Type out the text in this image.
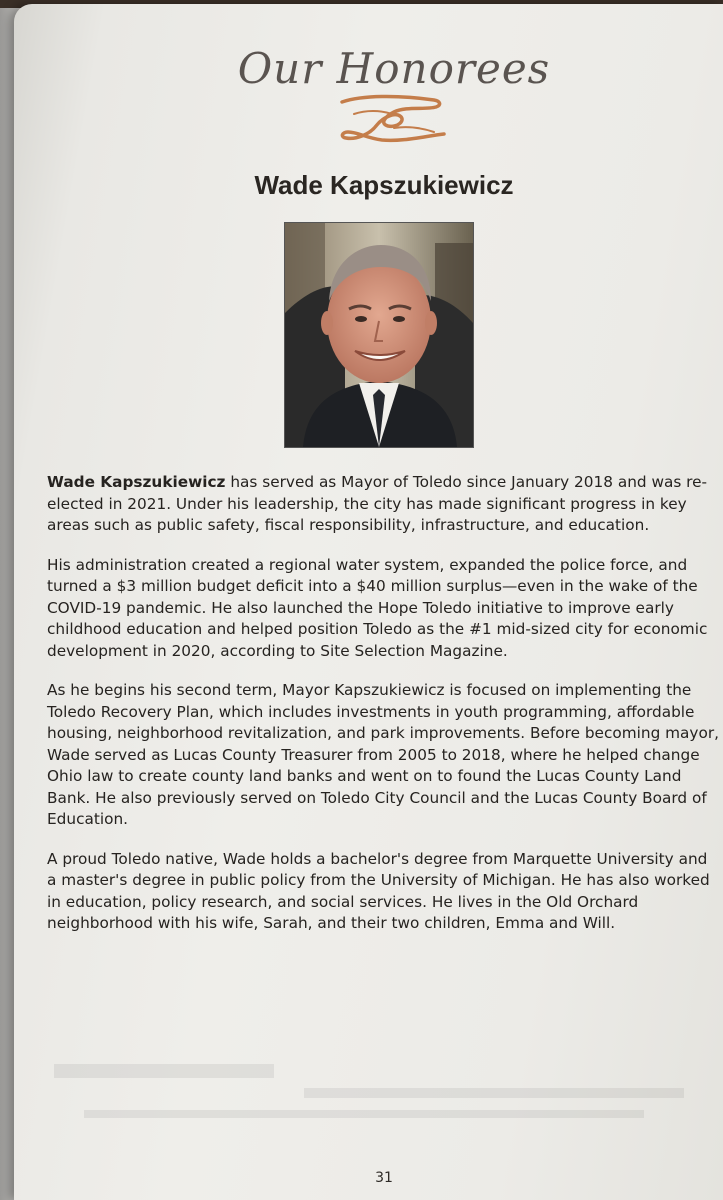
Our Honorees
Wade Kapszukiewicz

Wade Kapszukiewicz has served as Mayor of Toledo since January 2018 and was re-elected in 2021. Under his leadership, the city has made significant progress in key areas such as public safety, fiscal responsibility, infrastructure, and education.

His administration created a regional water system, expanded the police force, and turned a $3 million budget deficit into a $40 million surplus—even in the wake of the COVID-19 pandemic. He also launched the Hope Toledo initiative to improve early childhood education and helped position Toledo as the #1 mid-sized city for economic development in 2020, according to Site Selection Magazine.

As he begins his second term, Mayor Kapszukiewicz is focused on implementing the Toledo Recovery Plan, which includes investments in youth programming, affordable housing, neighborhood revitalization, and park improvements. Before becoming mayor, Wade served as Lucas County Treasurer from 2005 to 2018, where he helped change Ohio law to create county land banks and went on to found the Lucas County Land Bank. He also previously served on Toledo City Council and the Lucas County Board of Education.

A proud Toledo native, Wade holds a bachelor's degree from Marquette University and a master's degree in public policy from the University of Michigan. He has also worked in education, policy research, and social services. He lives in the Old Orchard neighborhood with his wife, Sarah, and their two children, Emma and Will.

31
